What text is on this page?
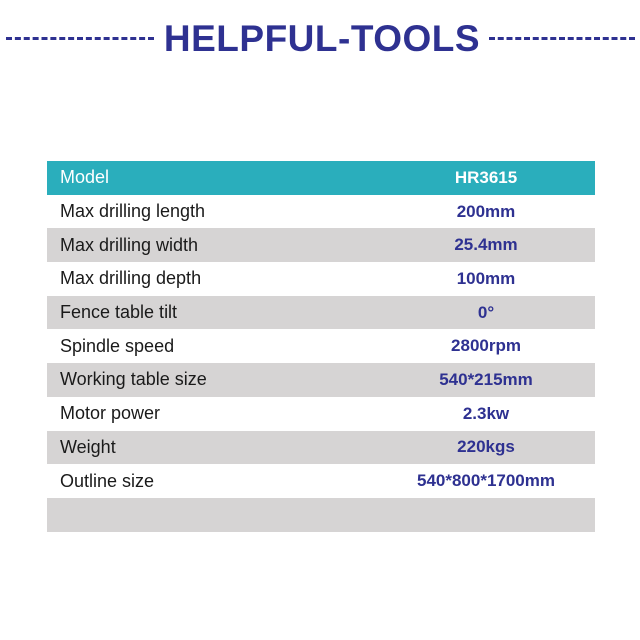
HELPFUL-TOOLS
Model	HR3615
Max drilling length	200mm
Max drilling width	25.4mm
Max drilling depth	100mm
Fence table tilt	0°
Spindle speed	2800rpm
Working table size	540*215mm
Motor power	2.3kw
Weight	220kgs
Outline size	540*800*1700mm
